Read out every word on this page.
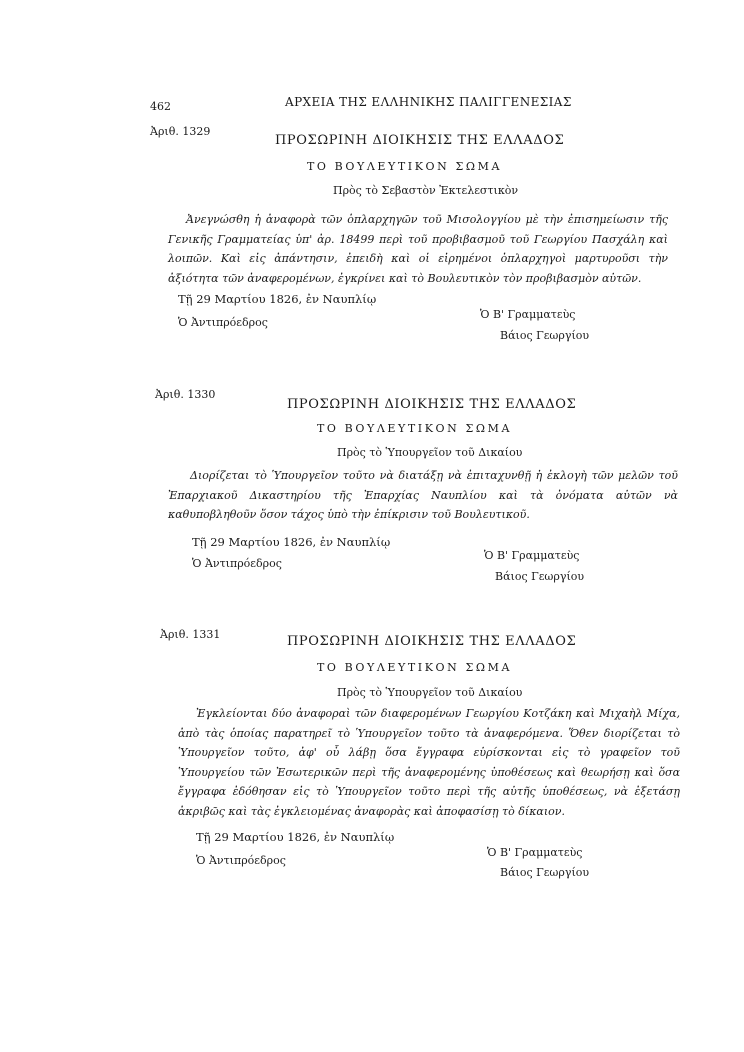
462	ΑΡΧΕΙΑ ΤΗΣ ΕΛΛΗΝΙΚΗΣ ΠΑΛΙΓΓΕΝΕΣΙΑΣ
Ἀριθ. 1329
ΠΡΟΣΩΡΙΝΗ ΔΙΟΙΚΗΣΙΣ ΤΗΣ ΕΛΛΑΔΟΣ
ΤΟ ΒΟΥΛΕΥΤΙΚΟΝ ΣΩΜΑ
Πρὸς τὸ Σεβαστὸν Ἐκτελεστικὸν

Ἀνεγνώσθη ἡ ἀναφορὰ τῶν ὁπλαρχηγῶν τοῦ Μισολογγίου μὲ τὴν ἐπισημείωσιν τῆς Γενικῆς Γραμματείας ὑπ' ἀρ. 18499 περὶ τοῦ προβιβασμοῦ τοῦ Γεωργίου Πασχάλη καὶ λοιπῶν. Καὶ εἰς ἀπάντησιν, ἐπειδὴ καὶ οἱ εἰρημένοι ὁπλαρχηγοὶ μαρτυροῦσι τὴν ἀξιότητα τῶν ἀναφερομένων, ἐγκρίνει καὶ τὸ Βουλευτικὸν τὸν προβιβασμὸν αὐτῶν.

Τῇ 29 Μαρτίου 1826, ἐν Ναυπλίῳ
Ὁ Ἀντιπρόεδρος
Ὁ Β' Γραμματεὺς
Βάιος Γεωργίου
Ἀριθ. 1330
ΠΡΟΣΩΡΙΝΗ ΔΙΟΙΚΗΣΙΣ ΤΗΣ ΕΛΛΑΔΟΣ
ΤΟ ΒΟΥΛΕΥΤΙΚΟΝ ΣΩΜΑ
Πρὸς τὸ Ὑπουργεῖον τοῦ Δικαίου

Διορίζεται τὸ Ὑπουργεῖον τοῦτο νὰ διατάξῃ νὰ ἐπιταχυνθῇ ἡ ἐκλογὴ τῶν μελῶν τοῦ Ἐπαρχιακοῦ Δικαστηρίου τῆς Ἐπαρχίας Ναυπλίου καὶ τὰ ὀνόματα αὐτῶν νὰ καθυποβληθοῦν ὅσον τάχος ὑπὸ τὴν ἐπίκρισιν τοῦ Βουλευτικοῦ.

Τῇ 29 Μαρτίου 1826, ἐν Ναυπλίῳ
Ὁ Ἀντιπρόεδρος
Ὁ Β' Γραμματεὺς
Βάιος Γεωργίου
Ἀριθ. 1331	ΠΡΟΣΩΡΙΝΗ ΔΙΟΙΚΗΣΙΣ ΤΗΣ ΕΛΛΑΔΟΣ
ΤΟ ΒΟΥΛΕΥΤΙΚΟΝ ΣΩΜΑ
Πρὸς τὸ Ὑπουργεῖον τοῦ Δικαίου

Ἐγκλείονται δύο ἀναφοραὶ τῶν διαφερομένων Γεωργίου Κοτζάκη καὶ Μιχαὴλ Μίχα, ἀπὸ τὰς ὁποίας παρατηρεῖ τὸ Ὑπουργεῖον τοῦτο τὰ ἀναφερόμενα. Ὅθεν διορίζεται τὸ Ὑπουργεῖον τοῦτο, ἀφ' οὗ λάβῃ ὅσα ἔγγραφα εὑρίσκονται εἰς τὸ γραφεῖον τοῦ Ὑπουργείου τῶν Ἐσωτερικῶν περὶ τῆς ἀναφερομένης ὑποθέσεως καὶ θεωρήσῃ καὶ ὅσα ἔγγραφα ἐδόθησαν εἰς τὸ Ὑπουργεῖον τοῦτο περὶ τῆς αὐτῆς ὑποθέσεως, νὰ ἐξετάσῃ ἀκριβῶς καὶ τὰς ἐγκλειομένας ἀναφορὰς καὶ ἀποφασίσῃ τὸ δίκαιον.

Τῇ 29 Μαρτίου 1826, ἐν Ναυπλίῳ
Ὁ Ἀντιπρόεδρος
Ὁ Β' Γραμματεὺς
Βάιος Γεωργίου
